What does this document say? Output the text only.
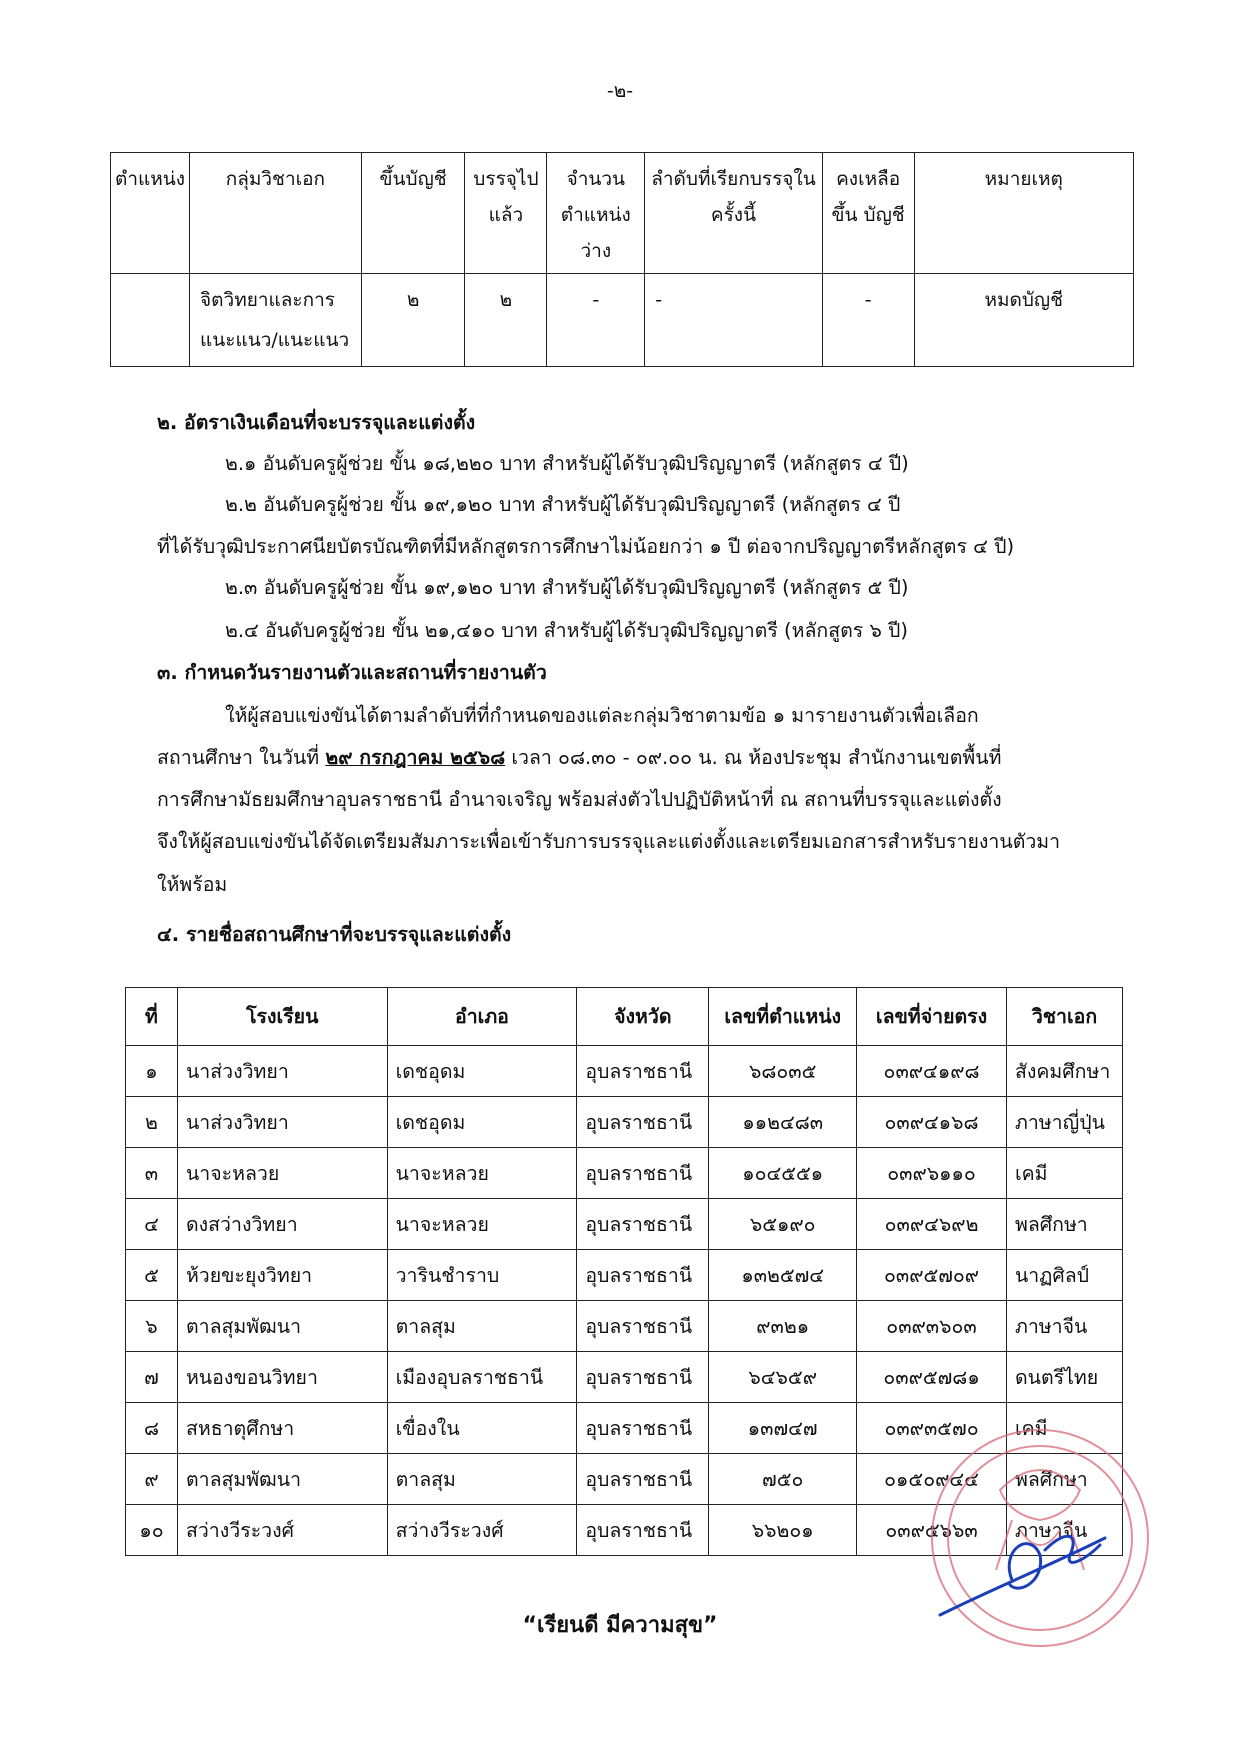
-๒-
ตำแหน่ง	กลุ่มวิชาเอก	ขึ้นบัญชี	บรรจุไป แล้ว	จำนวน ตำแหน่ง ว่าง	ลำดับที่เรียกบรรจุใน ครั้งนี้	คงเหลือ ขึ้น บัญชี	หมายเหตุ
	จิตวิทยาและการ แนะแนว/แนะแนว	๒	๒	-	-	-	หมดบัญชี
๒. อัตราเงินเดือนที่จะบรรจุและแต่งตั้ง
๒.๑ อันดับครูผู้ช่วย ขั้น ๑๘,๒๒๐ บาท สำหรับผู้ได้รับวุฒิปริญญาตรี (หลักสูตร ๔ ปี)
๒.๒ อันดับครูผู้ช่วย ขั้น ๑๙,๑๒๐ บาท สำหรับผู้ได้รับวุฒิปริญญาตรี (หลักสูตร ๔ ปี
ที่ได้รับวุฒิประกาศนียบัตรบัณฑิตที่มีหลักสูตรการศึกษาไม่น้อยกว่า ๑ ปี ต่อจากปริญญาตรีหลักสูตร ๔ ปี)
๒.๓ อันดับครูผู้ช่วย ขั้น ๑๙,๑๒๐ บาท สำหรับผู้ได้รับวุฒิปริญญาตรี (หลักสูตร ๕ ปี)
๒.๔ อันดับครูผู้ช่วย ขั้น ๒๑,๔๑๐ บาท สำหรับผู้ได้รับวุฒิปริญญาตรี (หลักสูตร ๖ ปี)
๓. กำหนดวันรายงานตัวและสถานที่รายงานตัว
ให้ผู้สอบแข่งขันได้ตามลำดับที่ที่กำหนดของแต่ละกลุ่มวิชาตามข้อ ๑ มารายงานตัวเพื่อเลือก
สถานศึกษา ในวันที่ ๒๙ กรกฎาคม ๒๕๖๘ เวลา ๐๘.๓๐ - ๐๙.๐๐ น. ณ ห้องประชุม สำนักงานเขตพื้นที่
การศึกษามัธยมศึกษาอุบลราชธานี อำนาจเจริญ พร้อมส่งตัวไปปฏิบัติหน้าที่ ณ สถานที่บรรจุและแต่งตั้ง
จึงให้ผู้สอบแข่งขันได้จัดเตรียมสัมภาระเพื่อเข้ารับการบรรจุและแต่งตั้งและเตรียมเอกสารสำหรับรายงานตัวมา
ให้พร้อม
๔. รายชื่อสถานศึกษาที่จะบรรจุและแต่งตั้ง
ที่	โรงเรียน	อำเภอ	จังหวัด	เลขที่ตำแหน่ง	เลขที่จ่ายตรง	วิชาเอก
๑	นาส่วงวิทยา	เดชอุดม	อุบลราชธานี	๖๘๐๓๕	๐๓๙๔๑๙๘	สังคมศึกษา
๒	นาส่วงวิทยา	เดชอุดม	อุบลราชธานี	๑๑๒๔๘๓	๐๓๙๔๑๖๘	ภาษาญี่ปุ่น
๓	นาจะหลวย	นาจะหลวย	อุบลราชธานี	๑๐๔๕๕๑	๐๓๙๖๑๑๐	เคมี
๔	ดงสว่างวิทยา	นาจะหลวย	อุบลราชธานี	๖๕๑๙๐	๐๓๙๔๖๙๒	พลศึกษา
๕	ห้วยขะยุงวิทยา	วารินชำราบ	อุบลราชธานี	๑๓๒๕๗๔	๐๓๙๕๗๐๙	นาฏศิลป์
๖	ตาลสุมพัฒนา	ตาลสุม	อุบลราชธานี	๙๓๒๑	๐๓๙๓๖๐๓	ภาษาจีน
๗	หนองขอนวิทยา	เมืองอุบลราชธานี	อุบลราชธานี	๖๔๖๕๙	๐๓๙๕๗๘๑	ดนตรีไทย
๘	สหธาตุศึกษา	เขื่องใน	อุบลราชธานี	๑๓๗๔๗	๐๓๙๓๕๗๐	เคมี
๙	ตาลสุมพัฒนา	ตาลสุม	อุบลราชธานี	๗๕๐	๐๑๕๐๙๔๔	พลศึกษา
๑๐	สว่างวีระวงศ์	สว่างวีระวงศ์	อุบลราชธานี	๖๖๒๐๑	๐๓๙๕๖๖๓	ภาษาจีน
“เรียนดี มีความสุข”
